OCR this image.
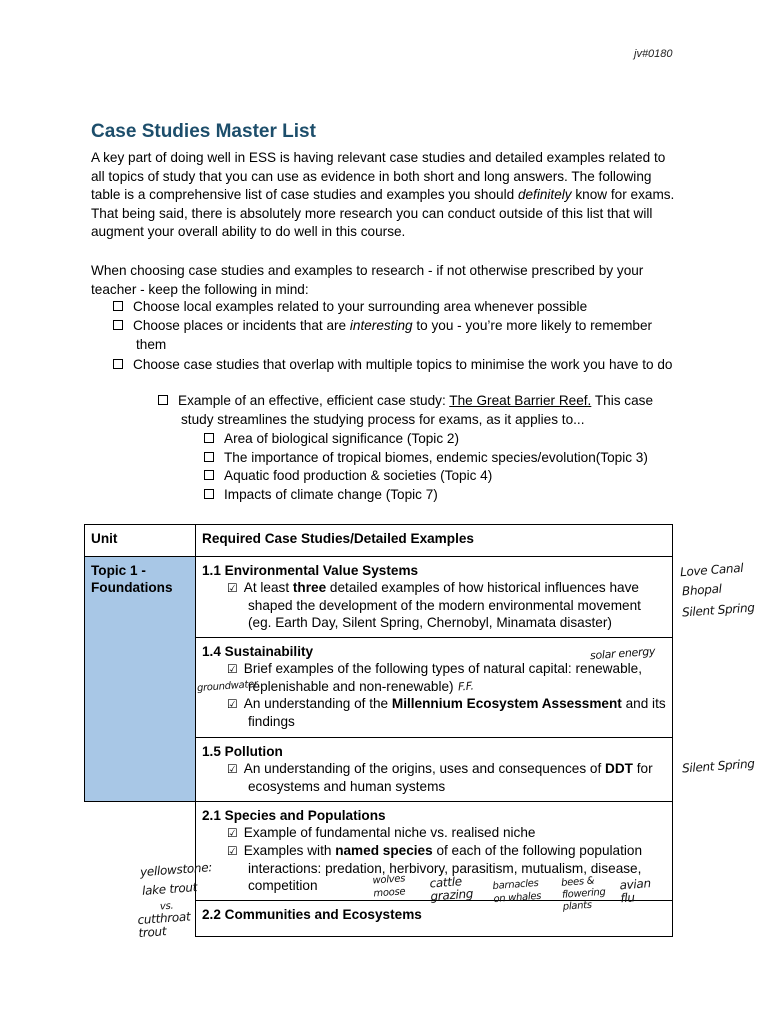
jv#0180
Case Studies Master List

A key part of doing well in ESS is having relevant case studies and detailed examples related to all topics of study that you can use as evidence in both short and long answers. The following table is a comprehensive list of case studies and examples you should definitely know for exams. That being said, there is absolutely more research you can conduct outside of this list that will augment your overall ability to do well in this course.

When choosing case studies and examples to research - if not otherwise prescribed by your teacher - keep the following in mind:

Choose local examples related to your surrounding area whenever possible
Choose places or incidents that are interesting to you - you’re more likely to remember them
Choose case studies that overlap with multiple topics to minimise the work you have to do
Example of an effective, efficient case study: The Great Barrier Reef. This case study streamlines the studying process for exams, as it applies to...
Area of biological significance (Topic 2)
The importance of tropical biomes, endemic species/evolution(Topic 3)
Aquatic food production & societies (Topic 4)
Impacts of climate change (Topic 7)
Unit	Required Case Studies/Detailed Examples
Topic 1 - Foundations	1.1 Environmental Value Systems
☑ At least three detailed examples of how historical influences have shaped the development of the modern environmental movement (eg. Earth Day, Silent Spring, Chernobyl, Minamata disaster)

	1.4 Sustainability
☑ Brief examples of the following types of natural capital: renewable, replenishable and non-renewable)
☑ An understanding of the Millennium Ecosystem Assessment and its findings

	1.5 Pollution
☑ An understanding of the origins, uses and consequences of DDT for ecosystems and human systems

	2.1 Species and Populations
☑ Example of fundamental niche vs. realised niche
☑ Examples with named species of each of the following population interactions: predation, herbivory, parasitism, mutualism, disease, competition

	2.2 Communities and Ecosystems
Love Canal
Bhopal
Silent Spring
solar energy
groundwater	F.F.
Silent Spring
yellowstone:
lake trout
vs.
cutthroat trout
wolves moose
cattle grazing
barnacles on whales
bees & flowering plants
avian flu
